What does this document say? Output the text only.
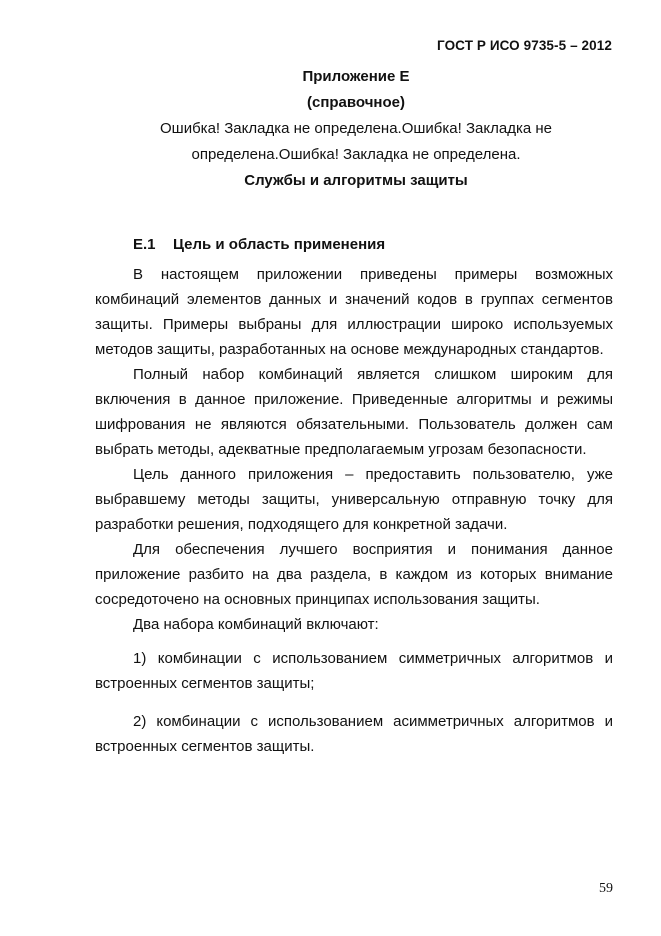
ГОСТ Р ИСО 9735-5 – 2012
Приложение Е
(справочное)
Ошибка! Закладка не определена.Ошибка! Закладка не
определена.Ошибка! Закладка не определена.
Службы и алгоритмы защиты
Е.1 Цель и область применения

В настоящем приложении приведены примеры возможных комбинаций элементов данных и значений кодов в группах сегментов защиты. Примеры выбраны для иллюстрации широко используемых методов защиты, разработанных на основе международных стандартов.

Полный набор комбинаций является слишком широким для включения в данное приложение. Приведенные алгоритмы и режимы шифрования не являются обязательными. Пользователь должен сам выбрать методы, адекватные предполагаемым угрозам безопасности.

Цель данного приложения – предоставить пользователю, уже выбравшему методы защиты, универсальную отправную точку для разработки решения, подходящего для конкретной задачи.

Для обеспечения лучшего восприятия и понимания данное приложение разбито на два раздела, в каждом из которых внимание сосредоточено на основных принципах использования защиты.

Два набора комбинаций включают:

1) комбинации с использованием симметричных алгоритмов и встроенных сегментов защиты;

2) комбинации с использованием асимметричных алгоритмов и встроенных сегментов защиты.

59
